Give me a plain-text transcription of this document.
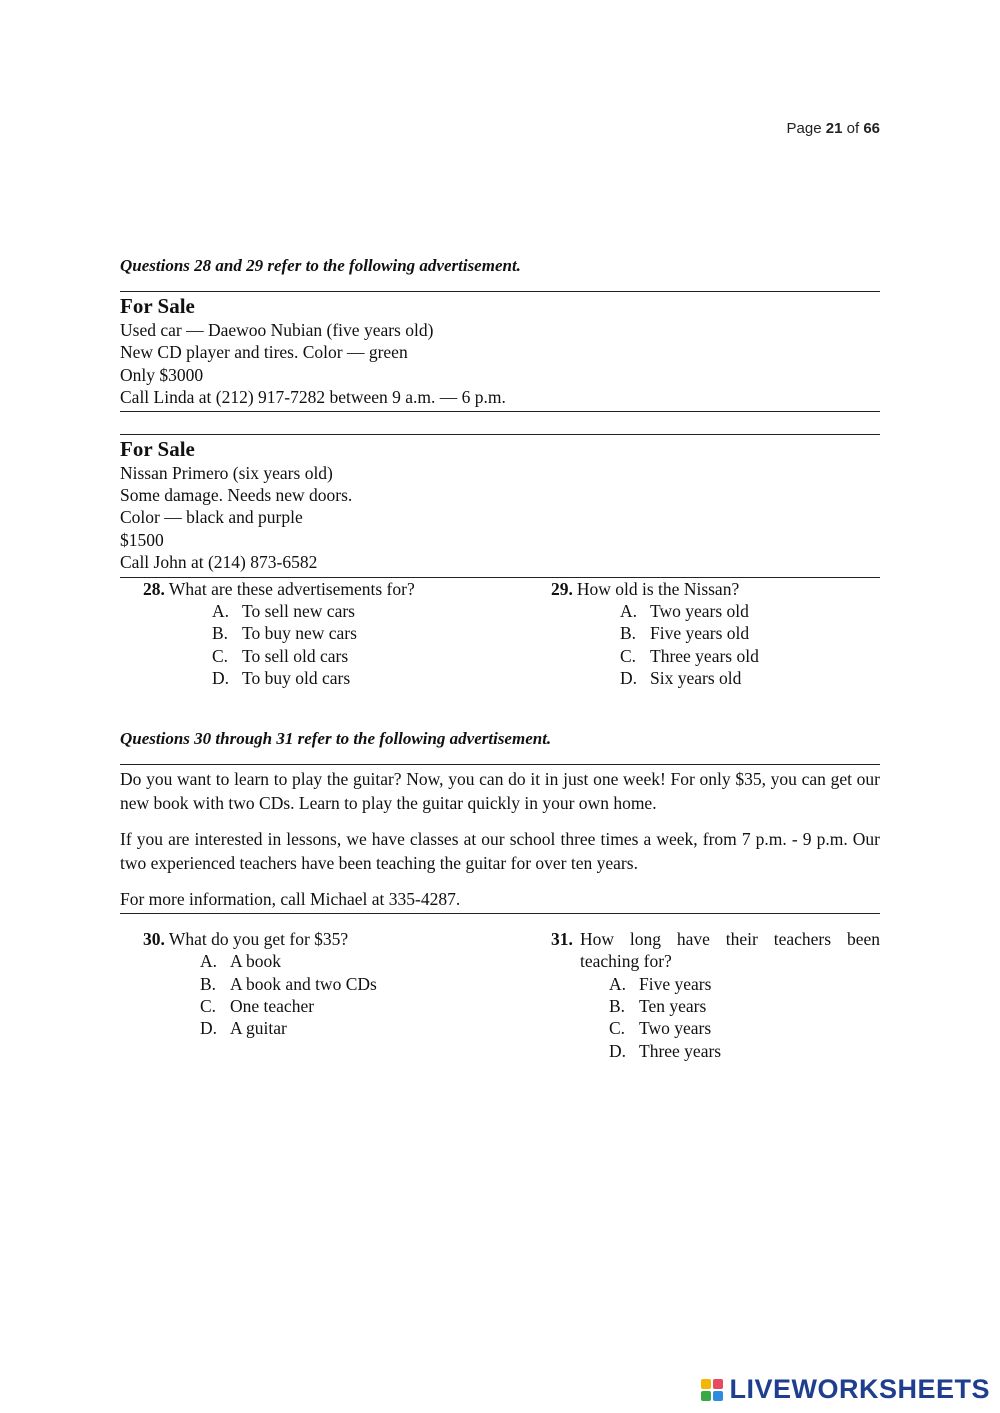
Page 21 of 66
Questions 28 and 29 refer to the following advertisement.
For Sale
Used car — Daewoo Nubian (five years old)
New CD player and tires. Color — green
Only $3000
Call Linda at (212) 917-7282 between 9 a.m. — 6 p.m.
For Sale
Nissan Primero (six years old)
Some damage. Needs new doors.
Color — black and purple
$1500
Call John at (214) 873-6582
28. What are these advertisements for?
A. To sell new cars
B. To buy new cars
C. To sell old cars
D. To buy old cars
29. How old is the Nissan?
A. Two years old
B. Five years old
C. Three years old
D. Six years old
Questions 30 through 31 refer to the following advertisement.

Do you want to learn to play the guitar? Now, you can do it in just one week! For only $35, you can get our new book with two CDs. Learn to play the guitar quickly in your own home.

If you are interested in lessons, we have classes at our school three times a week, from 7 p.m. - 9 p.m. Our two experienced teachers have been teaching the guitar for over ten years.

For more information, call Michael at 335-4287.

30. What do you get for $35?
A. A book
B. A book and two CDs
C. One teacher
D. A guitar
31. How long have their teachers been teaching for?
A. Five years
B. Ten years
C. Two years
D. Three years
LIVEWORKSHEETS
